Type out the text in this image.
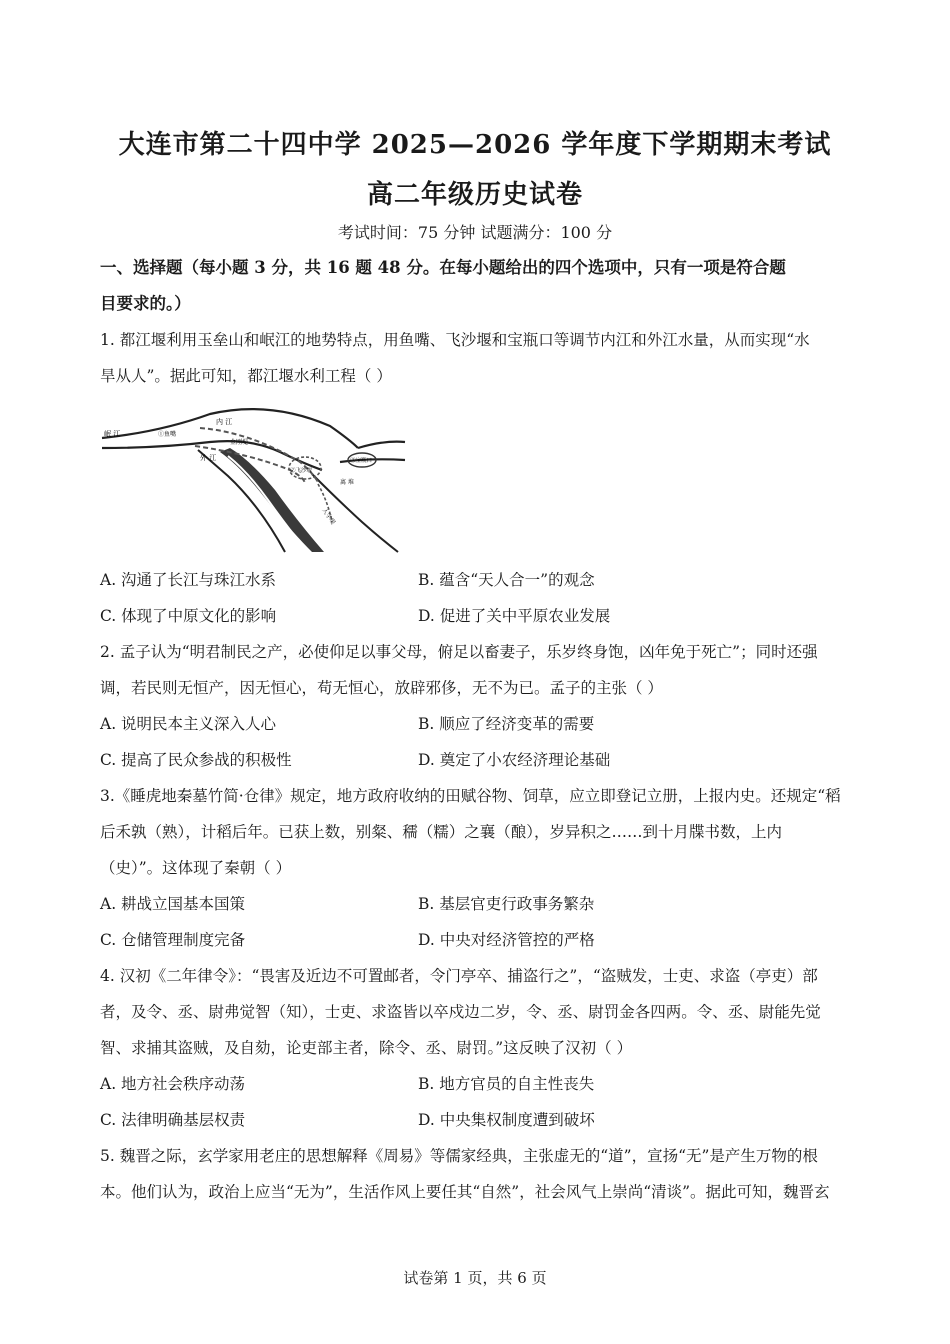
大连市第二十四中学 2025—2026 学年度下学期期末考试
高二年级历史试卷
考试时间：75 分钟 试题满分：100 分
一、选择题（每小题 3 分，共 16 题 48 分。在每小题给出的四个选项中，只有一项是符合题
目要求的。）
1. 都江堰利用玉垒山和岷江的地势特点，用鱼嘴、飞沙堰和宝瓶口等调节内江和外江水量，从而实现“水
旱从人”。据此可知，都江堰水利工程（ ）
岷 江	①鱼嘴
内 江
外 江
金刚堤
②飞沙堰
③宝瓶口
离 堆
人字堤
A. 沟通了长江与珠江水系	B. 蕴含“天人合一”的观念
C. 体现了中原文化的影响	D. 促进了关中平原农业发展
2. 孟子认为“明君制民之产，必使仰足以事父母，俯足以畜妻子，乐岁终身饱，凶年免于死亡”；同时还强
调，若民则无恒产，因无恒心，苟无恒心，放辟邪侈，无不为已。孟子的主张（ ）
A. 说明民本主义深入人心	B. 顺应了经济变革的需要
C. 提高了民众参战的积极性	D. 奠定了小农经济理论基础
3.《睡虎地秦墓竹简·仓律》规定，地方政府收纳的田赋谷物、饲草，应立即登记立册，上报内史。还规定“稻
后禾孰（熟），计稻后年。已获上数，别粲、穤（糯）之襄（酿），岁异积之……到十月牒书数，上内
（史）”。这体现了秦朝（ ）
A. 耕战立国基本国策	B. 基层官吏行政事务繁杂
C. 仓储管理制度完备	D. 中央对经济管控的严格
4. 汉初《二年律令》：“畏害及近边不可置邮者，令门亭卒、捕盗行之”，“盗贼发，士吏、求盗（亭吏）部
者，及令、丞、尉弗觉智（知），士吏、求盗皆以卒戍边二岁，令、丞、尉罚金各四两。令、丞、尉能先觉
智、求捕其盗贼，及自劾，论吏部主者，除令、丞、尉罚。”这反映了汉初（ ）
A. 地方社会秩序动荡	B. 地方官员的自主性丧失
C. 法律明确基层权责	D. 中央集权制度遭到破坏
5. 魏晋之际，玄学家用老庄的思想解释《周易》等儒家经典，主张虚无的“道”，宣扬“无”是产生万物的根
本。他们认为，政治上应当“无为”，生活作风上要任其“自然”，社会风气上崇尚“清谈”。据此可知，魏晋玄
试卷第 1 页，共 6 页
